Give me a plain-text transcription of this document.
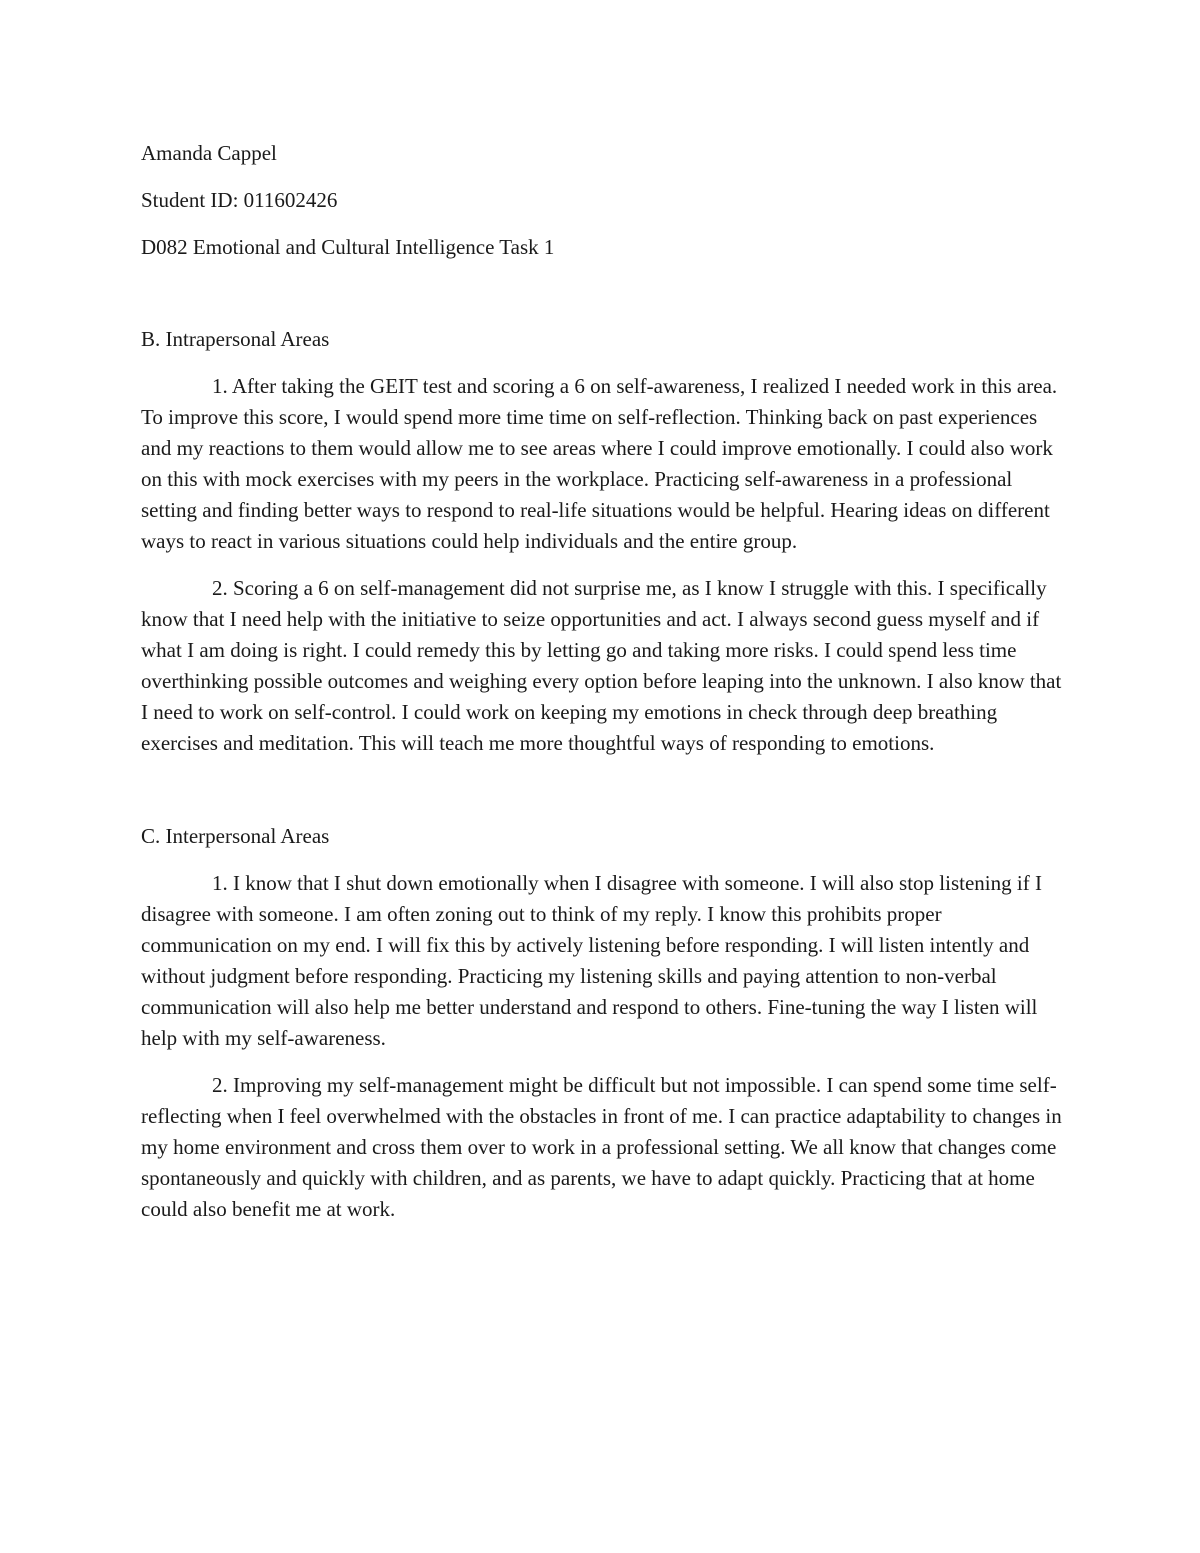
Amanda Cappel

Student ID: 011602426

D082 Emotional and Cultural Intelligence Task 1

B. Intrapersonal Areas

1. After taking the GEIT test and scoring a 6 on self-awareness, I realized I needed work in this area. To improve this score, I would spend more time time on self-reflection. Thinking back on past experiences and my reactions to them would allow me to see areas where I could improve emotionally. I could also work on this with mock exercises with my peers in the workplace. Practicing self-awareness in a professional setting and finding better ways to respond to real-life situations would be helpful. Hearing ideas on different ways to react in various situations could help individuals and the entire group.

2. Scoring a 6 on self-management did not surprise me, as I know I struggle with this. I specifically know that I need help with the initiative to seize opportunities and act. I always second guess myself and if what I am doing is right. I could remedy this by letting go and taking more risks. I could spend less time overthinking possible outcomes and weighing every option before leaping into the unknown. I also know that I need to work on self-control. I could work on keeping my emotions in check through deep breathing exercises and meditation. This will teach me more thoughtful ways of responding to emotions.

C. Interpersonal Areas

1. I know that I shut down emotionally when I disagree with someone. I will also stop listening if I disagree with someone. I am often zoning out to think of my reply. I know this prohibits proper communication on my end. I will fix this by actively listening before responding. I will listen intently and without judgment before responding. Practicing my listening skills and paying attention to non-verbal communication will also help me better understand and respond to others. Fine-tuning the way I listen will help with my self-awareness.

2. Improving my self-management might be difficult but not impossible. I can spend some time self-reflecting when I feel overwhelmed with the obstacles in front of me. I can practice adaptability to changes in my home environment and cross them over to work in a professional setting. We all know that changes come spontaneously and quickly with children, and as parents, we have to adapt quickly. Practicing that at home could also benefit me at work.
